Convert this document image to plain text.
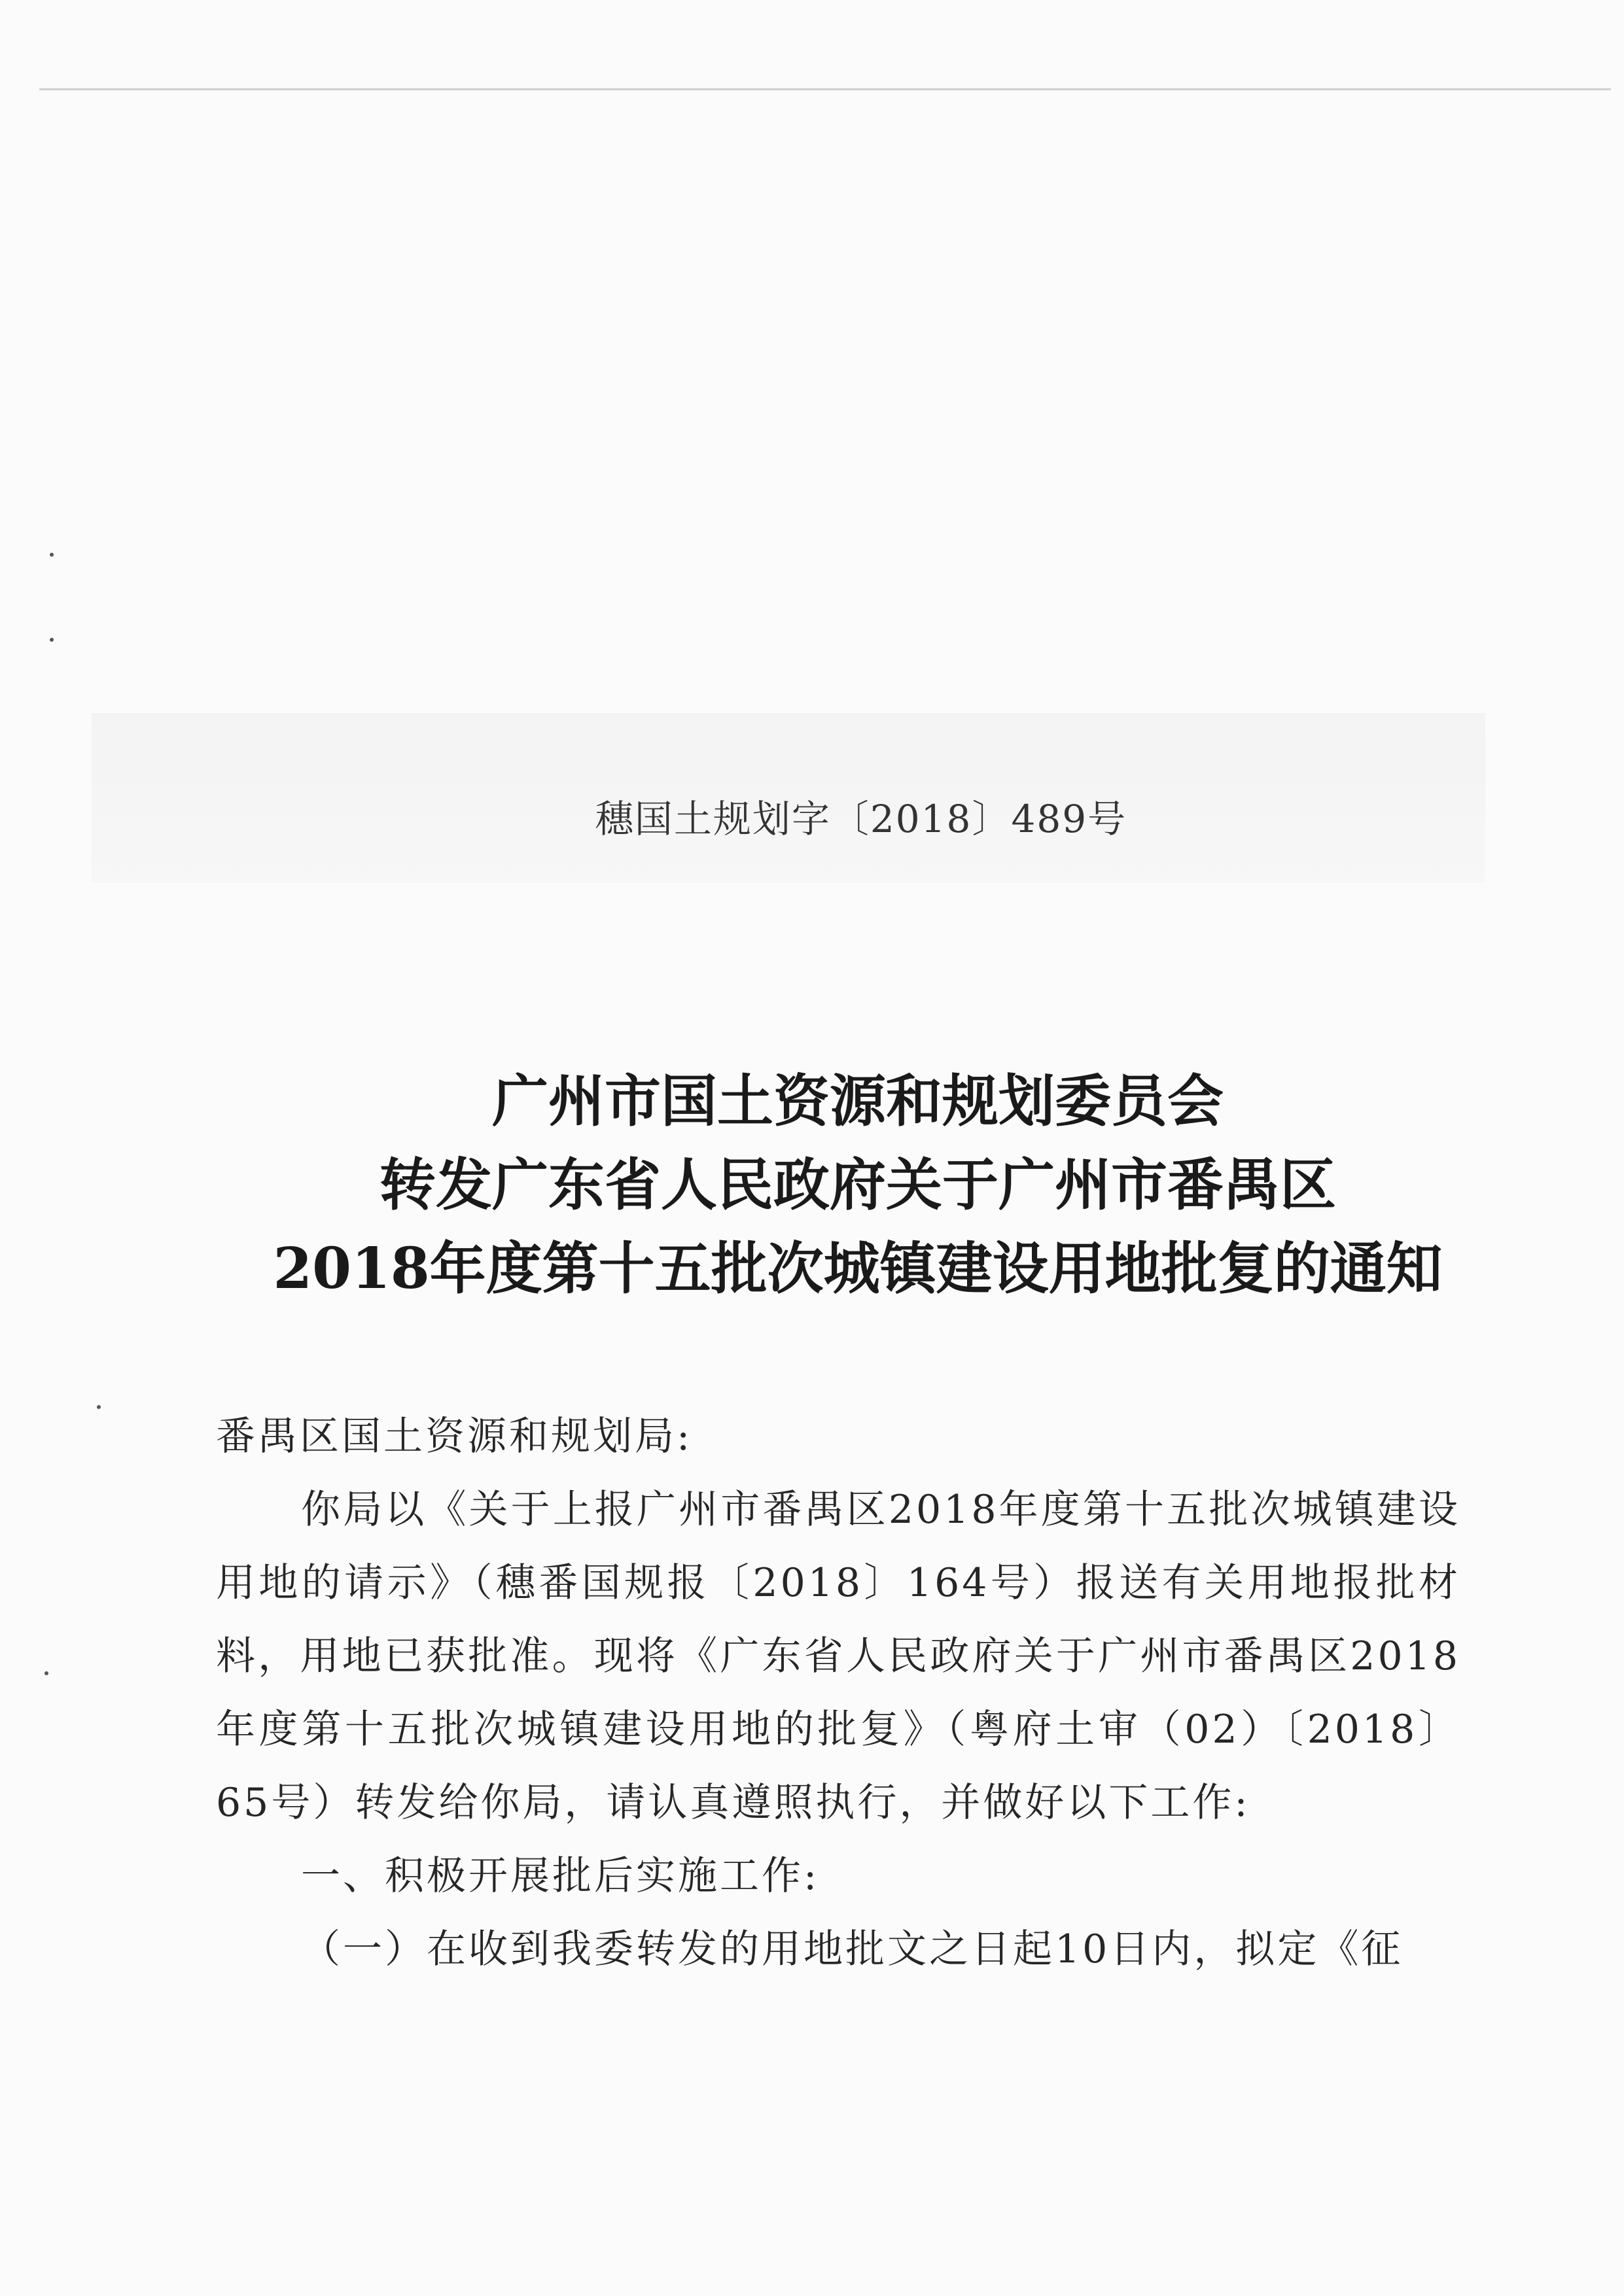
穗国土规划字〔2018〕489号
广州市国土资源和规划委员会
转发广东省人民政府关于广州市番禺区
2018年度第十五批次城镇建设用地批复的通知

番禺区国土资源和规划局:

你局以《关于上报广州市番禺区2018年度第十五批次城镇建设用地的请示》（穗番国规报〔2018〕164号）报送有关用地报批材料，用地已获批准。现将《广东省人民政府关于广州市番禺区2018年度第十五批次城镇建设用地的批复》（粤府土审（02）〔2018〕65号）转发给你局，请认真遵照执行，并做好以下工作:

一、积极开展批后实施工作:

（一）在收到我委转发的用地批文之日起10日内，拟定《征
